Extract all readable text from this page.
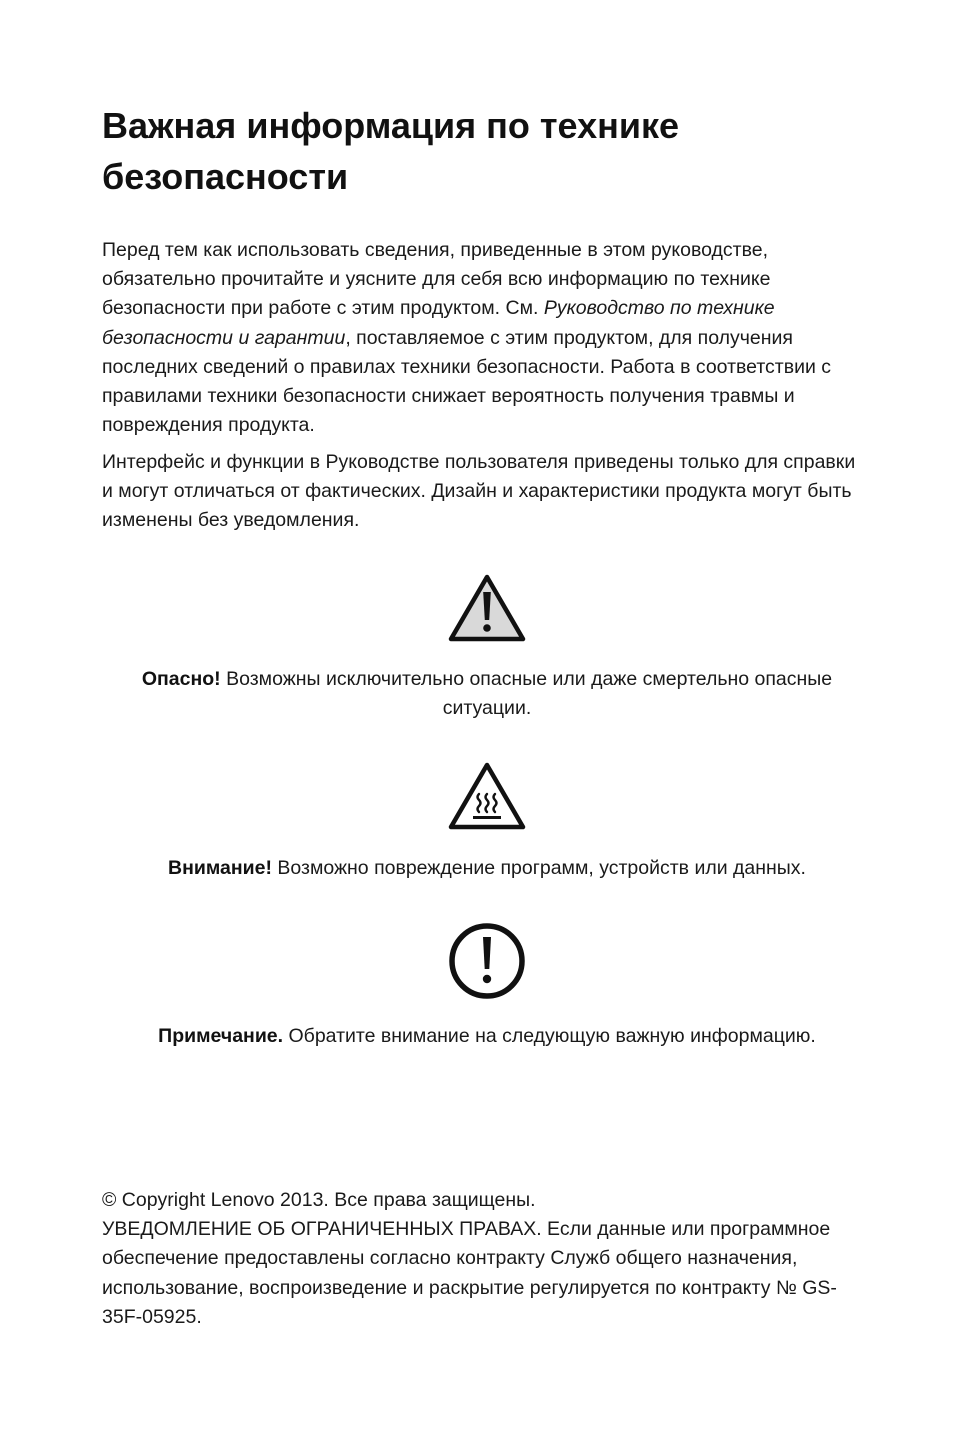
Важная информация по технике
безопасности

Перед тем как использовать сведения, приведенные в этом руководстве, обязательно прочитайте и уясните для себя всю информацию по технике безопасности при работе с этим продуктом. См. Руководство по технике безопасности и гарантии, поставляемое с этим продуктом, для получения последних сведений о правилах техники безопасности. Работа в соответствии с правилами техники безопасности снижает вероятность получения травмы и повреждения продукта.

Интерфейс и функции в Руководстве пользователя приведены только для справки и могут отличаться от фактических. Дизайн и характеристики продукта могут быть изменены без уведомления.

Опасно! Возможны исключительно опасные или даже смертельно опасные ситуации.

Внимание! Возможно повреждение программ, устройств или данных.

Примечание. Обратите внимание на следующую важную информацию.

© Copyright Lenovo 2013. Все права защищены.
УВЕДОМЛЕНИЕ ОБ ОГРАНИЧЕННЫХ ПРАВАХ. Если данные или программное обеспечение предоставлены согласно контракту Служб общего назначения, использование, воспроизведение и раскрытие регулируется по контракту № GS-35F-05925.
